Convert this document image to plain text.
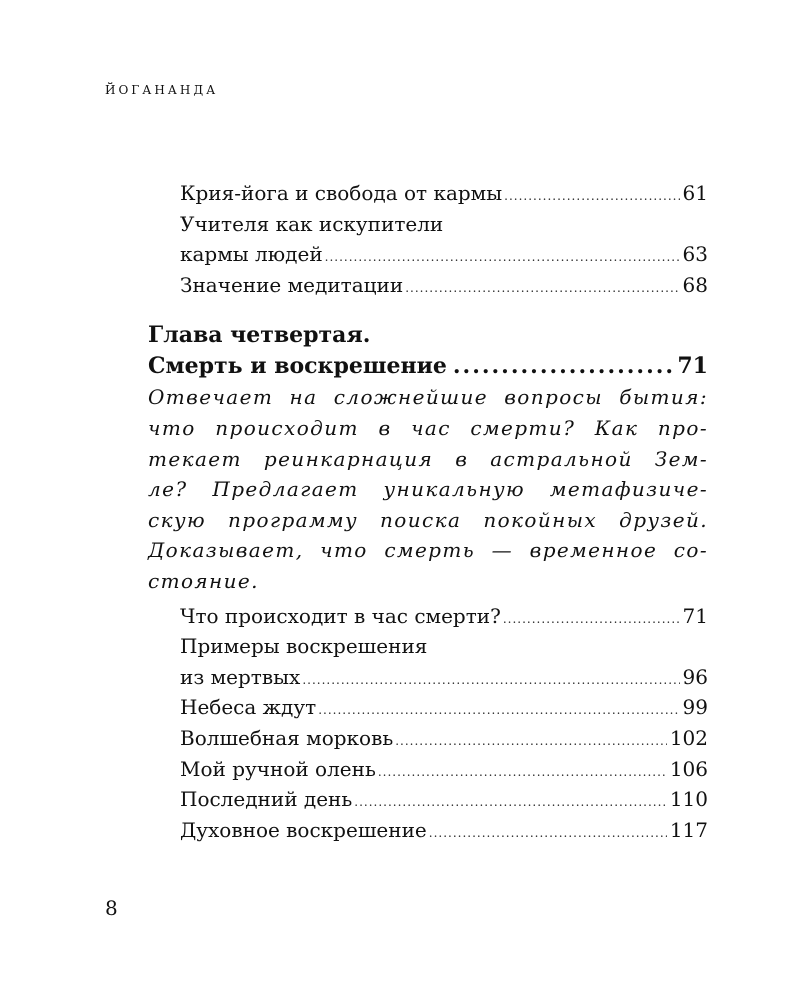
ЙОГАНАНДА
Крия-йога и свобода от кармы .....	61
Учителя как искупители
кармы людей .....	63
Значение медитации .....	68
Глава четвертая.
Смерть и воскрешение .....	71
Отвечает на сложнейшие вопросы бытия:
что происходит в час смерти? Как про-
текает реинкарнация в астральной Зем-
ле? Предлагает уникальную метафизиче-
скую программу поиска покойных друзей.
Доказывает, что смерть — временное со-
стояние.
Что происходит в час смерти? .....	71
Примеры воскрешения
из мертвых .....	96
Небеса ждут .....	99
Волшебная морковь .....	102
Мой ручной олень .....	106
Последний день .....	110
Духовное воскрешение .....	117
8
